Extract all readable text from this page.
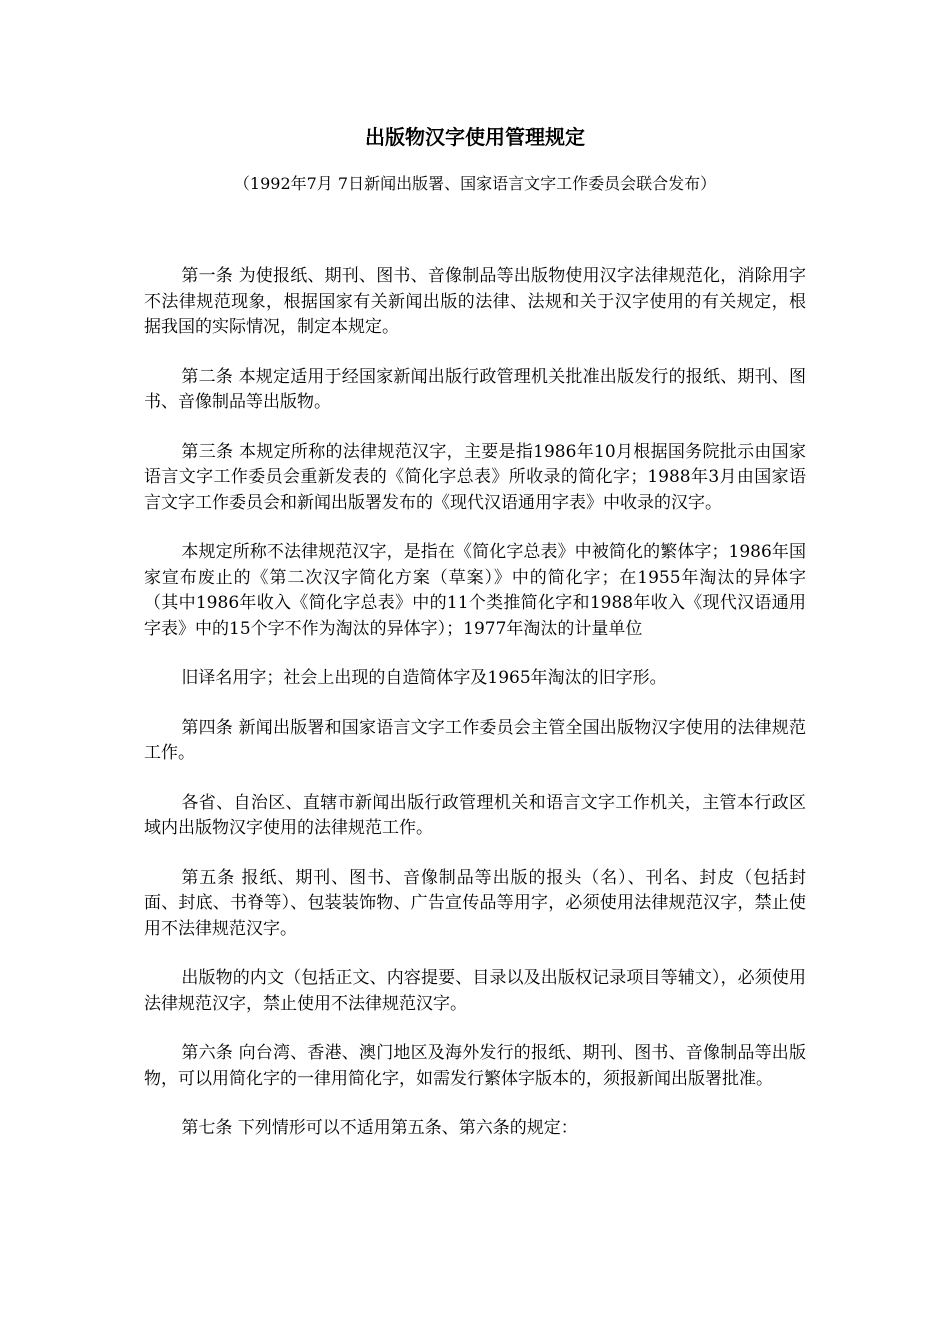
出版物汉字使用管理规定

（1992年7月 7日新闻出版署、国家语言文字工作委员会联合发布）

第一条 为使报纸、期刊、图书、音像制品等出版物使用汉字法律规范化，消除用字不法律规范现象，根据国家有关新闻出版的法律、法规和关于汉字使用的有关规定，根据我国的实际情况，制定本规定。

第二条 本规定适用于经国家新闻出版行政管理机关批准出版发行的报纸、期刊、图书、音像制品等出版物。

第三条 本规定所称的法律规范汉字，主要是指1986年10月根据国务院批示由国家语言文字工作委员会重新发表的《简化字总表》所收录的简化字；1988年3月由国家语言文字工作委员会和新闻出版署发布的《现代汉语通用字表》中收录的汉字。

本规定所称不法律规范汉字，是指在《简化字总表》中被简化的繁体字；1986年国家宣布废止的《第二次汉字简化方案（草案）》中的简化字；在1955年淘汰的异体字（其中1986年收入《简化字总表》中的11个类推简化字和1988年收入《现代汉语通用字表》中的15个字不作为淘汰的异体字）；1977年淘汰的计量单位

旧译名用字；社会上出现的自造简体字及1965年淘汰的旧字形。

第四条 新闻出版署和国家语言文字工作委员会主管全国出版物汉字使用的法律规范工作。

各省、自治区、直辖市新闻出版行政管理机关和语言文字工作机关，主管本行政区域内出版物汉字使用的法律规范工作。

第五条 报纸、期刊、图书、音像制品等出版的报头（名）、刊名、封皮（包括封面、封底、书脊等）、包装装饰物、广告宣传品等用字，必须使用法律规范汉字，禁止使用不法律规范汉字。

出版物的内文（包括正文、内容提要、目录以及出版权记录项目等辅文），必须使用法律规范汉字，禁止使用不法律规范汉字。

第六条 向台湾、香港、澳门地区及海外发行的报纸、期刊、图书、音像制品等出版物，可以用简化字的一律用简化字，如需发行繁体字版本的，须报新闻出版署批准。

第七条 下列情形可以不适用第五条、第六条的规定：
